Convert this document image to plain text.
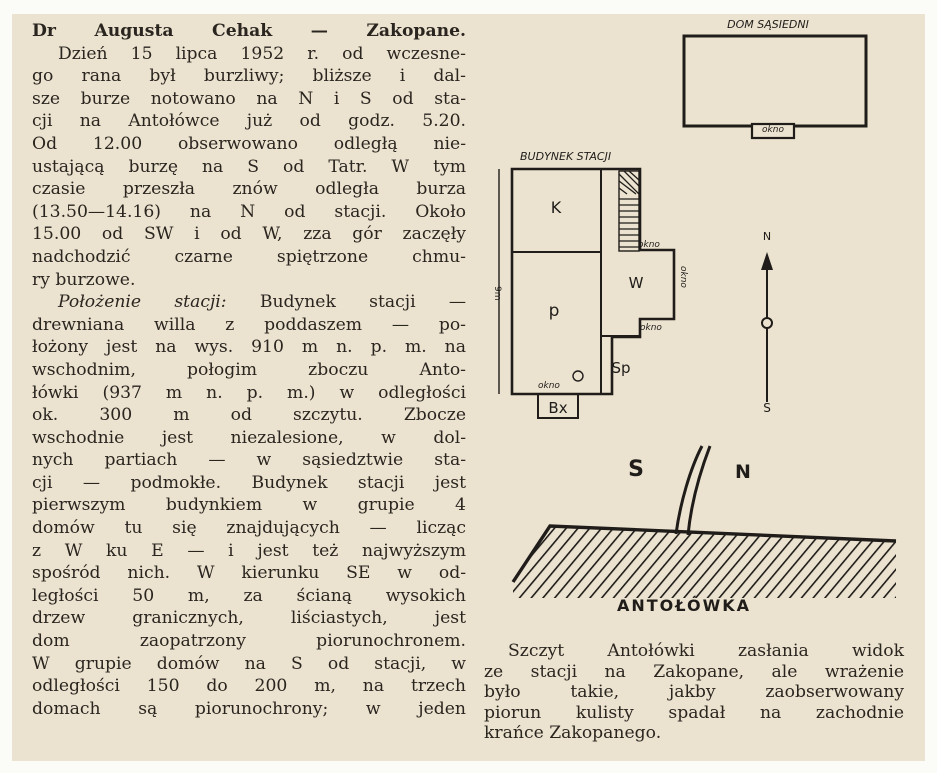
Dr Augusta Cehak — Zakopane.
Dzień 15 lipca 1952 r. od wczesne-
go rana był burzliwy; bliższe i dal-
sze burze notowano na N i S od sta-
cji na Antołówce już od godz. 5.20.
Od 12.00 obserwowano odległą nie-
ustającą burzę na S od Tatr. W tym
czasie przeszła znów odległa burza
(13.50—14.16) na N od stacji. Około
15.00 od SW i od W, zza gór zaczęły
nadchodzić czarne spiętrzone chmu-
ry burzowe.
Położenie stacji: Budynek stacji —
drewniana willa z poddaszem — po-
łożony jest na wys. 910 m n. p. m. na
wschodnim, połogim zboczu Anto-
łówki (937 m n. p. m.) w odległości
ok. 300 m od szczytu. Zbocze
wschodnie jest niezalesione, w dol-
nych partiach — w sąsiedztwie sta-
cji — podmokłe. Budynek stacji jest
pierwszym budynkiem w grupie 4
domów tu się znajdujących — licząc
z W ku E — i jest też najwyższym
spośród nich. W kierunku SE w od-
ległości 50 m, za ścianą wysokich
drzew granicznych, liściastych, jest
dom zaopatrzony piorunochronem.
W grupie domów na S od stacji, w
odległości 150 do 200 m, na trzech
domach są piorunochrony; w jeden
DOM SĄSIEDNI
okno
BUDYNEK STACJI
9m
K
p
W
Sp
okno
okno
okno
okno
Bx
N
S
S	N
ANTOŁÓWKA
Szczyt Antołówki zasłania widok
ze stacji na Zakopane, ale wrażenie
było takie, jakby zaobserwowany
piorun kulisty spadał na zachodnie
krańce Zakopanego.
